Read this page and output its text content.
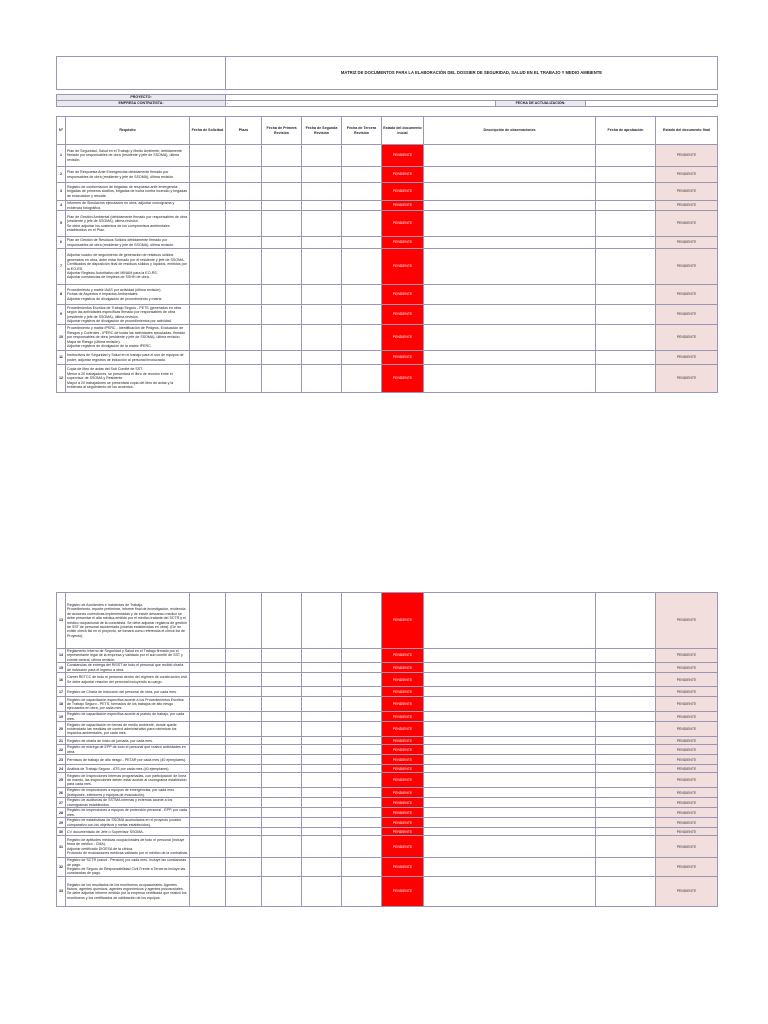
	MATRIZ DE DOCUMENTOS PARA LA ELABORACIÓN DEL DOSSIER DE SEGURIDAD, SALUD EN EL TRABAJO Y MEDIO AMBIENTE
PROYECTO:			
EMPRESA CONTRATISTA:	-	FECHA DE ACTUALIZACIÓN:	
N°	Requisito	Fecha de Solicitud	Plazo	Fecha de Primera Revisión	Fecha de Segunda Revisión	Fecha de Tercera Revisión	Estado del documento inicial	Descripción de observaciones	Fecha de aprobación	Estado del documento final
1	Plan de Seguridad, Salud en el Trabajo y Medio Ambiente, debidamente firmado por responsables de obra (residente y jefe de SSOMA), última revisión.						PENDIENTE			PENDIENTE
2	Plan de Respuesta Ante Emergencias debidamente firmado por responsables de obra (residente y jefe de SSOMA), última revisión.						PENDIENTE			PENDIENTE
3	Registro de conformación de brigadas de respuesta ante emergencia: brigadas de primeros auxilios, brigadas de lucha contra incendio y brigadas de evacuación y rescate.						PENDIENTE			PENDIENTE
4	Informes de Simulacros ejecutados en obra, adjuntar cronograma y evidencia fotográfica.						PENDIENTE			PENDIENTE
5	Plan de Gestión Ambiental (debidamente firmado por responsables de obra (residente y jefe de SSOMA), última revisión.
Se debe adjuntar los sustentos de los compromisos ambientales establecidos en el Plan.						PENDIENTE			PENDIENTE
6	Plan de Gestión de Residuos Sólidos debidamente firmado por responsables de obra (residente y jefe de SSOMA), última revisión.						PENDIENTE			PENDIENTE
7	Adjuntar cuadro de seguimiento de generación de residuos sólidos generados en obra, debe estar firmado por el residente y jefe de SSOMA.
Certificados de disposición final de residuos sólidos y líquidos, emitidos por la EO-RS.
Adjuntar Registro Autoritativo del MINAM para la EO-RS.
Adjuntar constancias de limpieza de SSHH de obra.						PENDIENTE			PENDIENTE
8	Procedimiento y matriz IAAS por actividad (última revisión).
Fichas de Aspectos e Impactos Ambientales.
Adjuntar registros de divulgación de procedimiento y matriz.						PENDIENTE			PENDIENTE
9	Procedimientos Escritos de Trabajo Seguro - PETS (generados en obra según las actividades específicas firmado por responsables de obra (residente y jefe de SSOMA), última revisión.
Adjuntar registros de divulgación de procedimientos por actividad.						PENDIENTE			PENDIENTE
10	Procedimiento y matriz IPERC - Identificación de Peligros, Evaluación de Riesgos y Controles - IPERC de todas las actividades ejecutadas, firmado por responsables de obra (residente y jefe de SSOMA), última revisión.
Mapa de Riesgo (última revisión).
Adjuntar registros de divulgación de la matriz IPERC.						PENDIENTE			PENDIENTE
11	Instructivos de Seguridad y Salud en el trabajo para el uso de equipos de poder, adjuntar registros de inducción al personal involucrado.						PENDIENTE			PENDIENTE
12	Copia de libro de actas del Sub Comité de SST.
Menor a 20 trabajadores, se presentará el libro de reunión entre el supervisor de SSOMA y Residente.
Mayor a 20 trabajadores se presentará copia del libro de actas y la evidencia al seguimiento de los acuerdos.						PENDIENTE			PENDIENTE
13	Registro de Accidentes e Incidentes de Trabajo.
Procedimiento, reporte preliminar, informe final de investigación, evidencia de acciones correctivas implementadas y de existir descanso médico se debe presentar el alta médica emitido por el médico tratante del SCTR y el médico ocupacional de la contratista. Se debe adjuntar registros de gestión de SST de personal accidentado (charlas establecidas en obra). (De no existir check list en el proyecto, se tomará como referencia el check list de Proyecto).						PENDIENTE			PENDIENTE
14	Reglamento Interno de Seguridad y Salud en el Trabajo firmado por el representante legal de la empresa y validado por el sub comité de SST y comité central, última revisión.						PENDIENTE			PENDIENTE
15	Constancias de entrega del RISST de todo el personal que recibió charla de inducción para el ingreso a obra.						PENDIENTE			PENDIENTE
16	Carnet RETCC de todo el personal dentro del régimen de construcción civil. Se debe adjuntar relación del personal incluyendo su cargo.						PENDIENTE			PENDIENTE
17	Registro de Charla de Inducción del personal de obra, por cada mes.						PENDIENTE			PENDIENTE
18	Registro de capacitación específica acorde a los Procedimientos Escritos de Trabajo Seguro - PETS, formados de los trabajos de alto riesgo ejecutados en obra, por cada mes.						PENDIENTE			PENDIENTE
19	Registro de capacitación específica acorde al puesto de trabajo, por cada mes.						PENDIENTE			PENDIENTE
20	Registro de capacitación en temas de medio ambiente, donde quede evidenciado las medidas de control administrativo para minimizar los impactos ambientales, por cada mes.						PENDIENTE			PENDIENTE
21	Registro de charla de inicio de jornada, por cada mes.						PENDIENTE			PENDIENTE
22	Registro de entrega de EPP de todo el personal que realizó actividades en obra.						PENDIENTE			PENDIENTE
23	Permisos de trabajo de alto riesgo - PETAR por cada mes (40 ejemplares).						PENDIENTE			PENDIENTE
24	Análisis de Trabajo Seguro - ATS por cada mes (40 ejemplares).						PENDIENTE			PENDIENTE
25	Registro de Inspecciones internas programadas, con participación de línea de mando, las inspecciones deben estar acorde al cronograma establecido para cada mes.						PENDIENTE			PENDIENTE
26	Registro de inspecciones a equipos de emergencias, por cada mes (botiquines, extintores y equipos de evacuación).						PENDIENTE			PENDIENTE
27	Registro de auditorías de SSTMA internas y externas acorde a los cronogramas establecidos.						PENDIENTE			PENDIENTE
28	Registro de inspecciones a equipos de protección personal - EPP, por cada mes.						PENDIENTE			PENDIENTE
29	Registro de estadísticas de SSOMA acumulados en el proyecto (cuadro comparativo con los objetivos y metas establecidos).						PENDIENTE			PENDIENTE
30	CV documentado de Jefe o Supervisor SSOMA.						PENDIENTE			PENDIENTE
31	Registro de aptitudes médicas ocupacionales de todo el personal (incluye firma de médico - CMA).
Adjuntar certificado DIGESA de la clínica.
Protocolo de evaluaciones médicas validado por el médico de la contratista.						PENDIENTE			PENDIENTE
32	Registro de SCTR (salud - Pensión) por cada mes. Incluye las constancias de pago.
Registro de Seguro de Responsabilidad Civil Frente a Terceros incluye las constancias de pago.						PENDIENTE			PENDIENTE
33	Registro de los resultados de los monitoreos ocupacionales: Agentes físicos, agentes químicos, agentes ergonómicos y agentes psicosociales.
Se debe adjuntar informe emitido por la empresa certificada que realizó los monitoreos y los certificados de calibración de los equipos.						PENDIENTE			PENDIENTE
